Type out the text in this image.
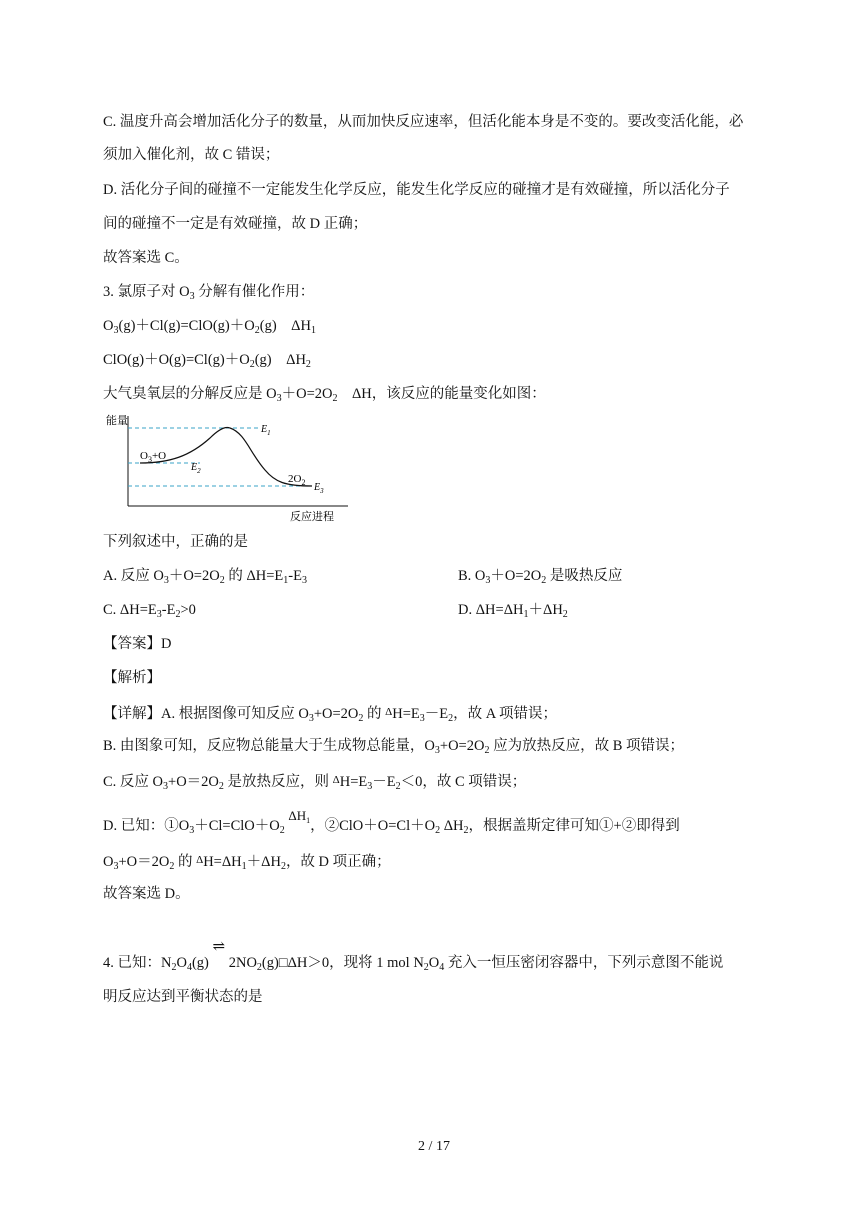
C. 温度升高会增加活化分子的数量，从而加快反应速率，但活化能本身是不变的。要改变活化能，必
须加入催化剂，故 C 错误；
D. 活化分子间的碰撞不一定能发生化学反应，能发生化学反应的碰撞才是有效碰撞，所以活化分子
间的碰撞不一定是有效碰撞，故 D 正确；
故答案选 C。
3. 氯原子对 $O_3$ 分解有催化作用：
$O_3(g)+Cl(g)=ClO(g)+O_2(g)$　$\Delta H_1$
$ClO(g)+O(g)=Cl(g)+O_2(g)$　$\Delta H_2$
大气臭氧层的分解反应是 $O_3+O=2O_2$　ΔH，该反应的能量变化如图：
能量
反应进程
$O_3+O$
$2O_2$
$E_1$
$E_2$
$E_3$
下列叙述中，正确的是
A. 反应 $O_3+O=2O_2$ 的 $\Delta H=E_1-E_3$	B. $O_3+O=2O_2$ 是吸热反应
C. $\Delta H=E_3-E_2>0$	D. $\Delta H=\Delta H_1+\Delta H_2$
【答案】D
【解析】
【详解】A. 根据图像可知反应 $O_3+O=2O_2$ 的 $^\Delta H=E_3-E_2$，故 A 项错误；
B. 由图象可知，反应物总能量大于生成物总能量，$O_3+O=2O_2$ 应为放热反应，故 B 项错误；
C. 反应 $O_3+O=2O_2$ 是放热反应，则 $^\Delta H=E_3-E_2<0$，故 C 项错误；
D. 已知：$①O_3+Cl=ClO+O_2$ $\Delta H_1$，$②ClO+O=Cl+O_2$ $\Delta H_2$，根据盖斯定律可知①+②即得到
$O_3+O=2O_2$ 的 $^\Delta H=\Delta H_1+\Delta H_2$，故 D 项正确；
故答案选 D。
4. 已知：$N_2O_4(g)$ ⇌ $2NO_2(g)□\Delta H>0$，现将 1 mol $N_2O_4$ 充入一恒压密闭容器中，下列示意图不能说
明反应达到平衡状态的是
2 / 17
